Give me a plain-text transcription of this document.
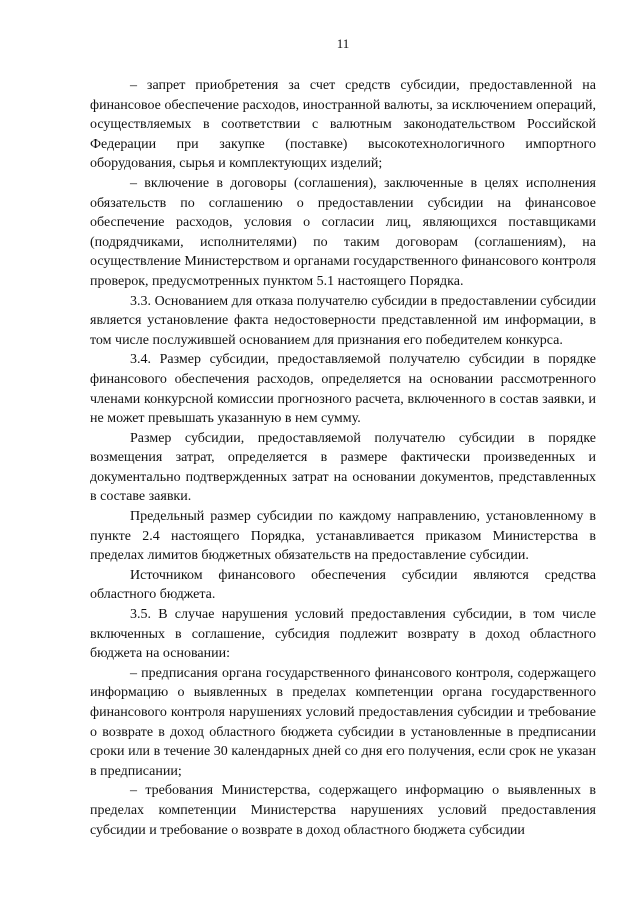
11

– запрет приобретения за счет средств субсидии, предоставленной на финансовое обеспечение расходов, иностранной валюты, за исключением операций, осуществляемых в соответствии с валютным законодательством Российской Федерации при закупке (поставке) высокотехнологичного импортного оборудования, сырья и комплектующих изделий;

– включение в договоры (соглашения), заключенные в целях исполнения обязательств по соглашению о предоставлении субсидии на финансовое обеспечение расходов, условия о согласии лиц, являющихся поставщиками (подрядчиками, исполнителями) по таким договорам (соглашениям), на осуществление Министерством и органами государственного финансового контроля проверок, предусмотренных пунктом 5.1 настоящего Порядка.

3.3. Основанием для отказа получателю субсидии в предоставлении субсидии является установление факта недостоверности представленной им информации, в том числе послужившей основанием для признания его победителем конкурса.

3.4. Размер субсидии, предоставляемой получателю субсидии в порядке финансового обеспечения расходов, определяется на основании рассмотренного членами конкурсной комиссии прогнозного расчета, включенного в состав заявки, и не может превышать указанную в нем сумму.

Размер субсидии, предоставляемой получателю субсидии в порядке возмещения затрат, определяется в размере фактически произведенных и документально подтвержденных затрат на основании документов, представленных в составе заявки.

Предельный размер субсидии по каждому направлению, установленному в пункте 2.4 настоящего Порядка, устанавливается приказом Министерства в пределах лимитов бюджетных обязательств на предоставление субсидии.

Источником финансового обеспечения субсидии являются средства областного бюджета.

3.5. В случае нарушения условий предоставления субсидии, в том числе включенных в соглашение, субсидия подлежит возврату в доход областного бюджета на основании:

– предписания органа государственного финансового контроля, содержащего информацию о выявленных в пределах компетенции органа государственного финансового контроля нарушениях условий предоставления субсидии и требование о возврате в доход областного бюджета субсидии в установленные в предписании сроки или в течение 30 календарных дней со дня его получения, если срок не указан в предписании;

– требования Министерства, содержащего информацию о выявленных в пределах компетенции Министерства нарушениях условий предоставления субсидии и требование о возврате в доход областного бюджета субсидии
